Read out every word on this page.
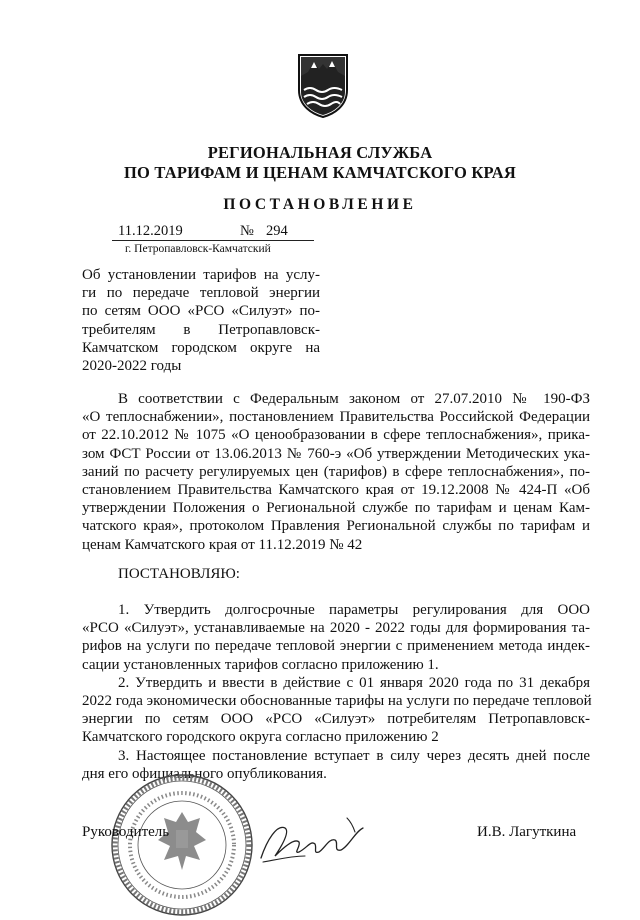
РЕГИОНАЛЬНАЯ СЛУЖБА
ПО ТАРИФАМ И ЦЕНАМ КАМЧАТСКОГО КРАЯ
ПОСТАНОВЛЕНИЕ
11.12.2019	№ 294
г. Петропавловск-Камчатский
Об установлении тарифов на услу-
ги по передаче тепловой энергии
по сетям ООО «РСО «Силуэт» по-
требителям в Петропавловск-
Камчатском городском округе на
2020-2022 годы
В соответствии с Федеральным законом от 27.07.2010 № 190-ФЗ
«О теплоснабжении», постановлением Правительства Российской Федерации
от 22.10.2012 № 1075 «О ценообразовании в сфере теплоснабжения», прика-
зом ФСТ России от 13.06.2013 № 760-э «Об утверждении Методических ука-
заний по расчету регулируемых цен (тарифов) в сфере теплоснабжения», по-
становлением Правительства Камчатского края от 19.12.2008 № 424-П «Об
утверждении Положения о Региональной службе по тарифам и ценам Кам-
чатского края», протоколом Правления Региональной службы по тарифам и
ценам Камчатского края от 11.12.2019 № 42
ПОСТАНОВЛЯЮ:
1. Утвердить долгосрочные параметры регулирования для ООО
«РСО «Силуэт», устанавливаемые на 2020 - 2022 годы для формирования та-
рифов на услуги по передаче тепловой энергии с применением метода индек-
сации установленных тарифов согласно приложению 1.
2. Утвердить и ввести в действие с 01 января 2020 года по 31 декабря
2022 года экономически обоснованные тарифы на услуги по передаче тепловой
энергии по сетям ООО «РСО «Силуэт» потребителям Петропавловск-
Камчатского городского округа согласно приложению 2
3. Настоящее постановление вступает в силу через десять дней после
дня его официального опубликования.
Руководитель	И.В. Лагуткина
